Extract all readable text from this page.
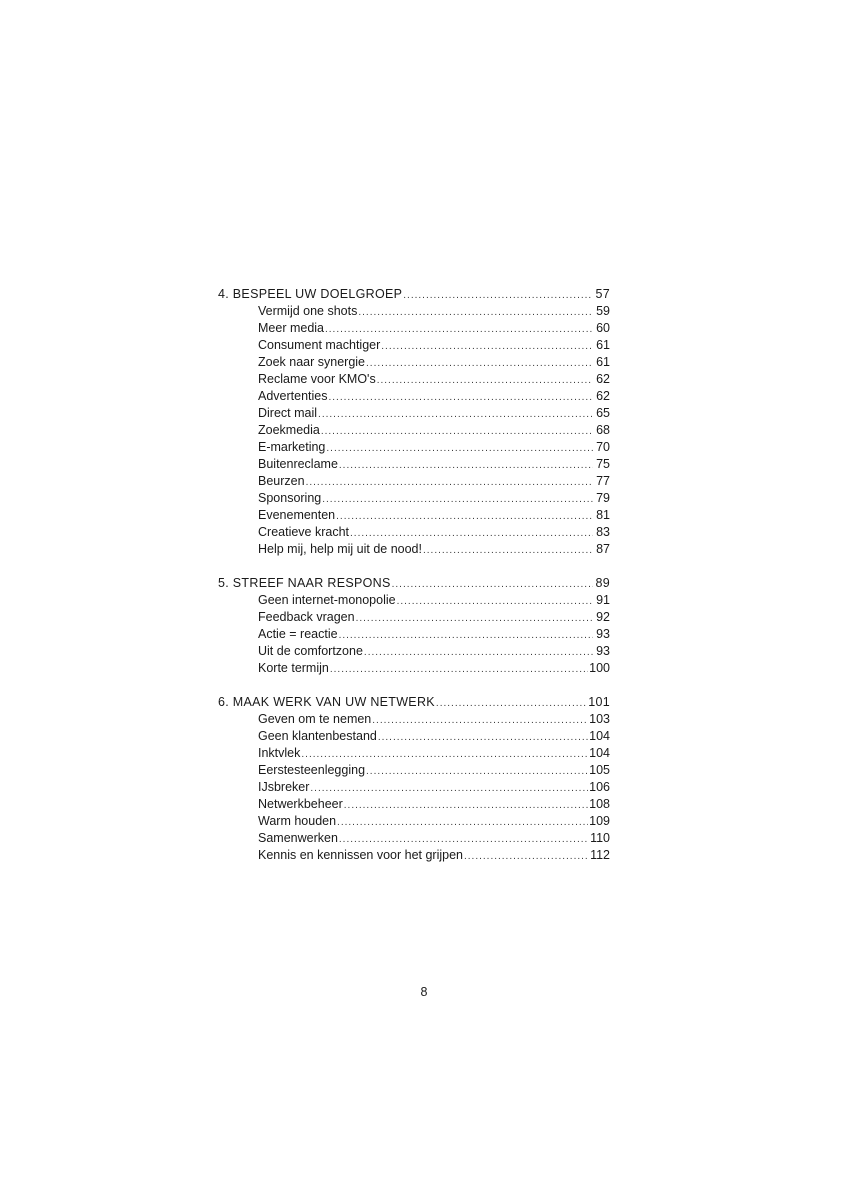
4. BESPEEL UW DOELGROEP .....	57
Vermijd one shots .....	59
Meer media .....	60
Consument machtiger .....	61
Zoek naar synergie .....	61
Reclame voor KMO's .....	62
Advertenties .....	62
Direct mail .....	65
Zoekmedia .....	68
E-marketing .....	70
Buitenreclame .....	75
Beurzen .....	77
Sponsoring .....	79
Evenementen .....	81
Creatieve kracht .....	83
Help mij, help mij uit de nood! .....	87
5. STREEF NAAR RESPONS .....	89
Geen internet-monopolie .....	91
Feedback vragen .....	92
Actie = reactie .....	93
Uit de comfortzone .....	93
Korte termijn .....	100
6. MAAK WERK VAN UW NETWERK .....	101
Geven om te nemen .....	103
Geen klantenbestand .....	104
Inktvlek .....	104
Eerstesteenlegging .....	105
IJsbreker .....	106
Netwerkbeheer .....	108
Warm houden .....	109
Samenwerken .....	110
Kennis en kennissen voor het grijpen .....	112
8
